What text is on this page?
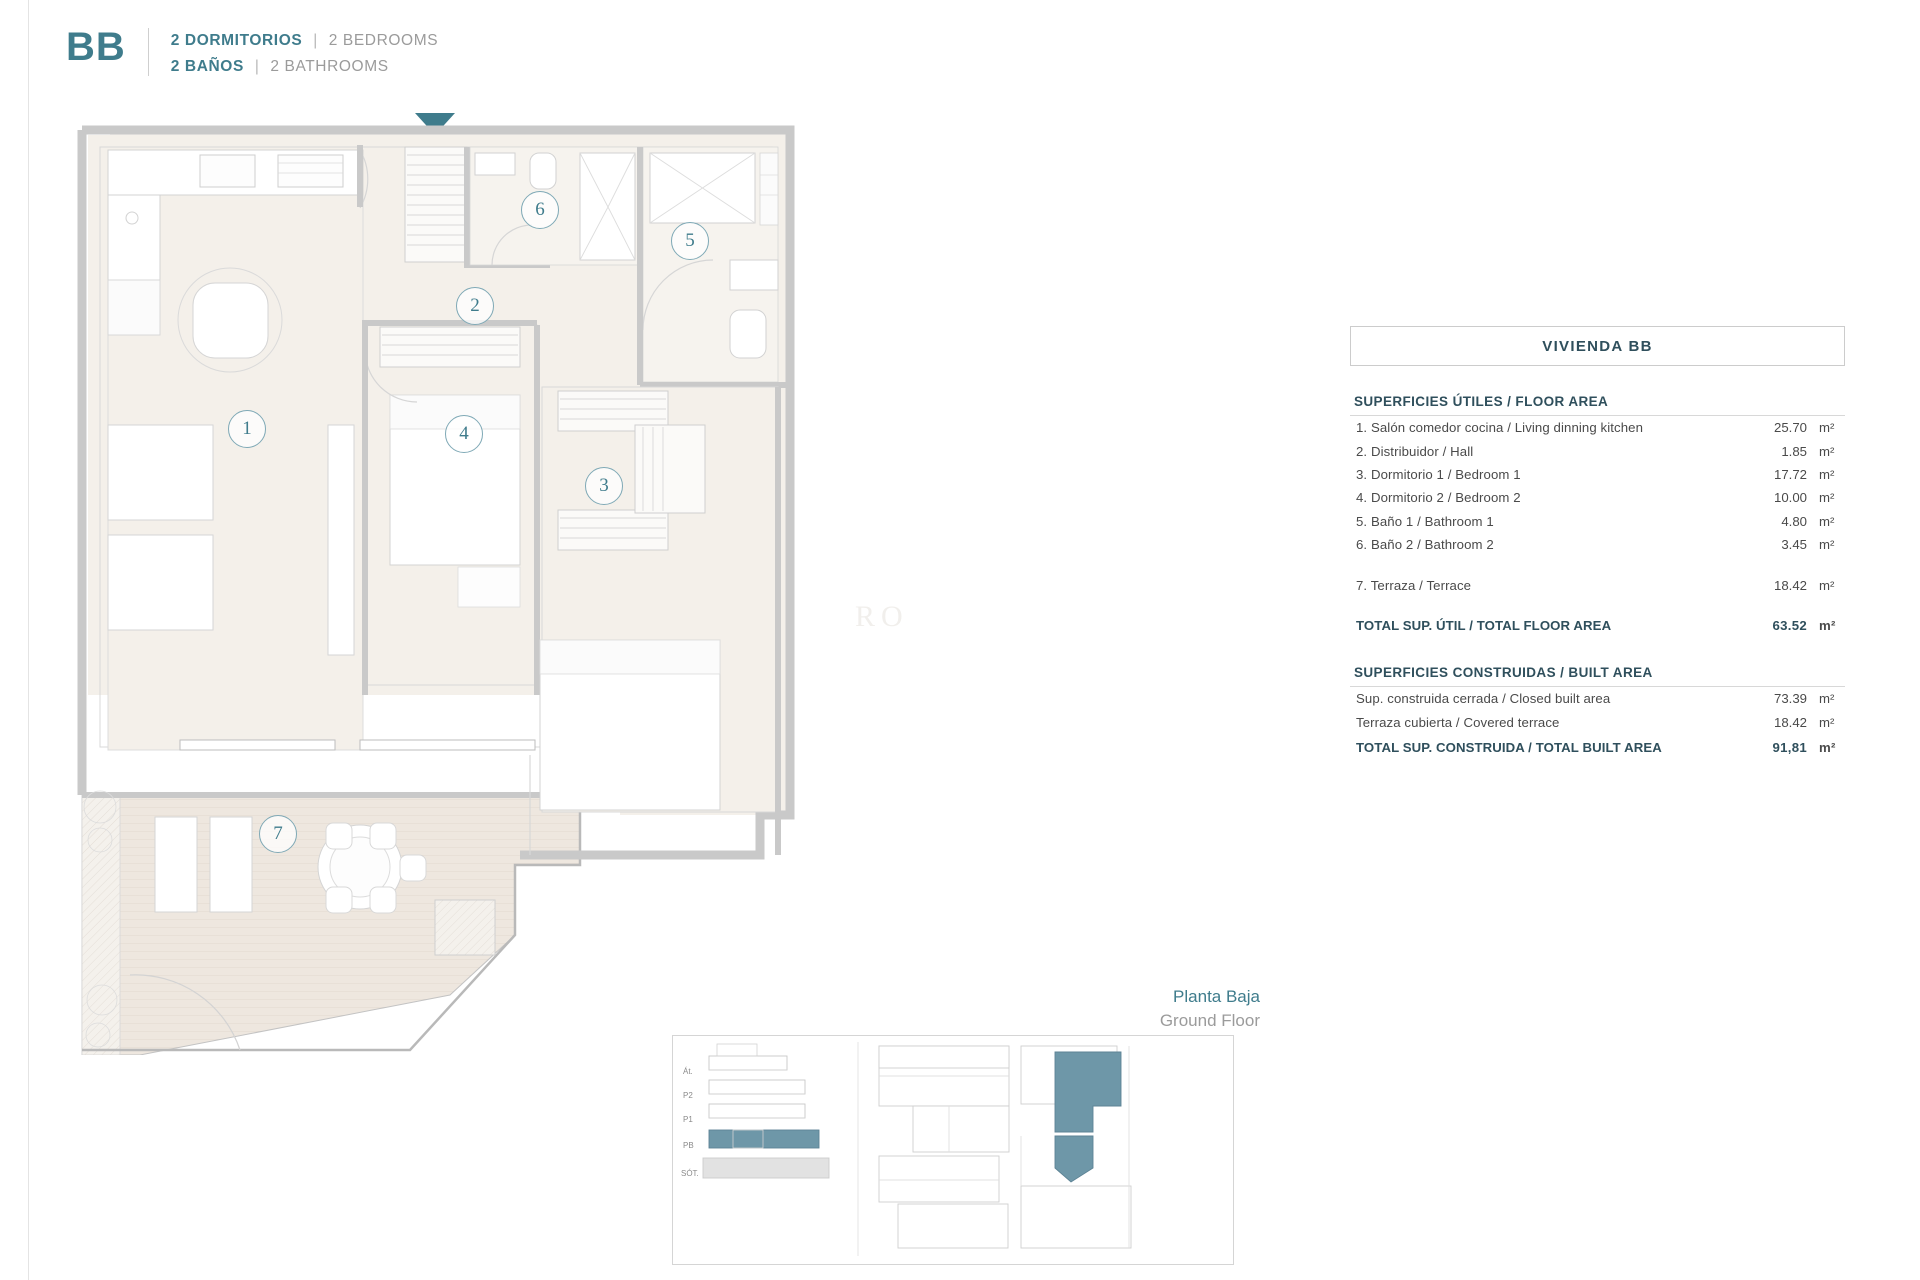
BB	2 DORMITORIOS | 2 BEDROOMS
2 BAÑOS | 2 BATHROOMS
1
2
3
4
5
6
7
RO
VIVIENDA BB
SUPERFICIES ÚTILES / FLOOR AREA
1. Salón comedor cocina / Living dinning kitchen	25.70 m²
2. Distribuidor / Hall	1.85 m²
3. Dormitorio 1 / Bedroom 1	17.72 m²
4. Dormitorio 2 / Bedroom 2	10.00 m²
5. Baño 1 / Bathroom 1	4.80 m²
6. Baño 2 / Bathroom 2	3.45 m²
7. Terraza / Terrace	18.42 m²
TOTAL SUP. ÚTIL / TOTAL FLOOR AREA	63.52 m²
SUPERFICIES CONSTRUIDAS / BUILT AREA
Sup. construida cerrada / Closed built area	73.39 m²
Terraza cubierta / Covered terrace	18.42 m²
TOTAL SUP. CONSTRUIDA / TOTAL BUILT AREA	91,81 m²
Planta Baja
Ground Floor
Át.
P2
P1
PB
SÓT.
